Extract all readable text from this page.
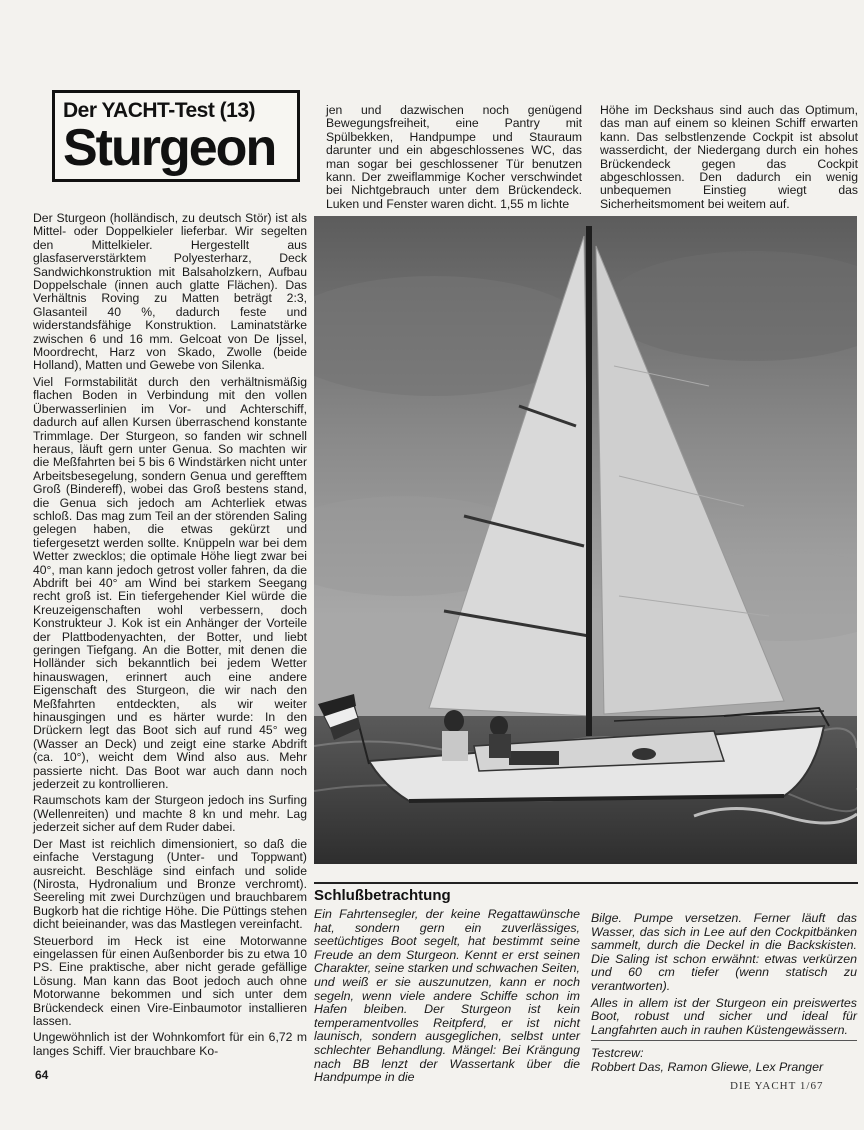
Der YACHT-Test (13)
Sturgeon

Der Sturgeon (holländisch, zu deutsch Stör) ist als Mittel- oder Doppelkieler lieferbar. Wir segelten den Mittelkieler. Hergestellt aus glasfaserverstärktem Polyesterharz, Deck Sandwichkonstruktion mit Balsaholzkern, Aufbau Doppelschale (innen auch glatte Flächen). Das Verhältnis Roving zu Matten beträgt 2:3, Glasanteil 40 %, dadurch feste und widerstandsfähige Konstruktion. Laminatstärke zwischen 6 und 16 mm. Gelcoat von De Ijssel, Moordrecht, Harz von Skado, Zwolle (beide Holland), Matten und Gewebe von Silenka.

Viel Formstabilität durch den verhältnismäßig flachen Boden in Verbindung mit den vollen Überwasserlinien im Vor- und Achterschiff, dadurch auf allen Kursen überraschend konstante Trimmlage. Der Sturgeon, so fanden wir schnell heraus, läuft gern unter Genua. So machten wir die Meßfahrten bei 5 bis 6 Windstärken nicht unter Arbeitsbesegelung, sondern Genua und gerefftem Groß (Bindereff), wobei das Groß bestens stand, die Genua sich jedoch am Achterliek etwas schloß. Das mag zum Teil an der störenden Saling gelegen haben, die etwas gekürzt und tiefergesetzt werden sollte. Knüppeln war bei dem Wetter zwecklos; die optimale Höhe liegt zwar bei 40°, man kann jedoch getrost voller fahren, da die Abdrift bei 40° am Wind bei starkem Seegang recht groß ist. Ein tiefergehender Kiel würde die Kreuzeigenschaften wohl verbessern, doch Konstrukteur J. Kok ist ein Anhänger der Vorteile der Plattbodenyachten, der Botter, und liebt geringen Tiefgang. An die Botter, mit denen die Holländer sich bekanntlich bei jedem Wetter hinauswagen, erinnert auch eine andere Eigenschaft des Sturgeon, die wir nach den Meßfahrten entdeckten, als wir weiter hinausgingen und es härter wurde: In den Drückern legt das Boot sich auf rund 45° weg (Wasser an Deck) und zeigt eine starke Abdrift (ca. 10°), weicht dem Wind also aus. Mehr passierte nicht. Das Boot war auch dann noch jederzeit zu kontrollieren.

Raumschots kam der Sturgeon jedoch ins Surfing (Wellenreiten) und machte 8 kn und mehr. Lag jederzeit sicher auf dem Ruder dabei.

Der Mast ist reichlich dimensioniert, so daß die einfache Verstagung (Unter- und Toppwant) ausreicht. Beschläge sind einfach und solide (Nirosta, Hydronalium und Bronze verchromt). Seereling mit zwei Durchzügen und brauchbarem Bugkorb hat die richtige Höhe. Die Püttings stehen dicht beieinander, was das Mastlegen vereinfacht.

Steuerbord im Heck ist eine Motorwanne eingelassen für einen Außenborder bis zu etwa 10 PS. Eine praktische, aber nicht gerade gefällige Lösung. Man kann das Boot jedoch auch ohne Motorwanne bekommen und sich unter dem Brückendeck einen Vire-Einbaumotor installieren lassen.

Ungewöhnlich ist der Wohnkomfort für ein 6,72 m langes Schiff. Vier brauchbare Ko-

jen und dazwischen noch genügend Bewegungsfreiheit, eine Pantry mit Spülbekken, Handpumpe und Stauraum darunter und ein abgeschlossenes WC, das man sogar bei geschlossener Tür benutzen kann. Der zweiflammige Kocher verschwindet bei Nichtgebrauch unter dem Brückendeck. Luken und Fenster waren dicht. 1,55 m lichte

Höhe im Deckshaus sind auch das Optimum, das man auf einem so kleinen Schiff erwarten kann. Das selbstlenzende Cockpit ist absolut wasserdicht, der Niedergang durch ein hohes Brückendeck gegen das Cockpit abgeschlossen. Den dadurch ein wenig unbequemen Einstieg wiegt das Sicherheitsmoment bei weitem auf.

Schlußbetrachtung

Ein Fahrtensegler, der keine Regattawünsche hat, sondern gern ein zuverlässiges, seetüchtiges Boot segelt, hat bestimmt seine Freude an dem Sturgeon. Kennt er erst seinen Charakter, seine starken und schwachen Seiten, und weiß er sie auszunutzen, kann er noch segeln, wenn viele andere Schiffe schon im Hafen bleiben. Der Sturgeon ist kein temperamentvolles Reitpferd, er ist nicht launisch, sondern ausgeglichen, selbst unter schlechter Behandlung. Mängel: Bei Krängung nach BB lenzt der Wassertank über die Handpumpe in die

Bilge. Pumpe versetzen. Ferner läuft das Wasser, das sich in Lee auf den Cockpitbänken sammelt, durch die Deckel in die Backskisten. Die Saling ist schon erwähnt: etwas verkürzen und 60 cm tiefer (wenn statisch zu verantworten).

Alles in allem ist der Sturgeon ein preiswertes Boot, robust und sicher und ideal für Langfahrten auch in rauhen Küstengewässern.

Testcrew:
Robbert Das, Ramon Gliewe, Lex Pranger
64
DIE YACHT 1/67
